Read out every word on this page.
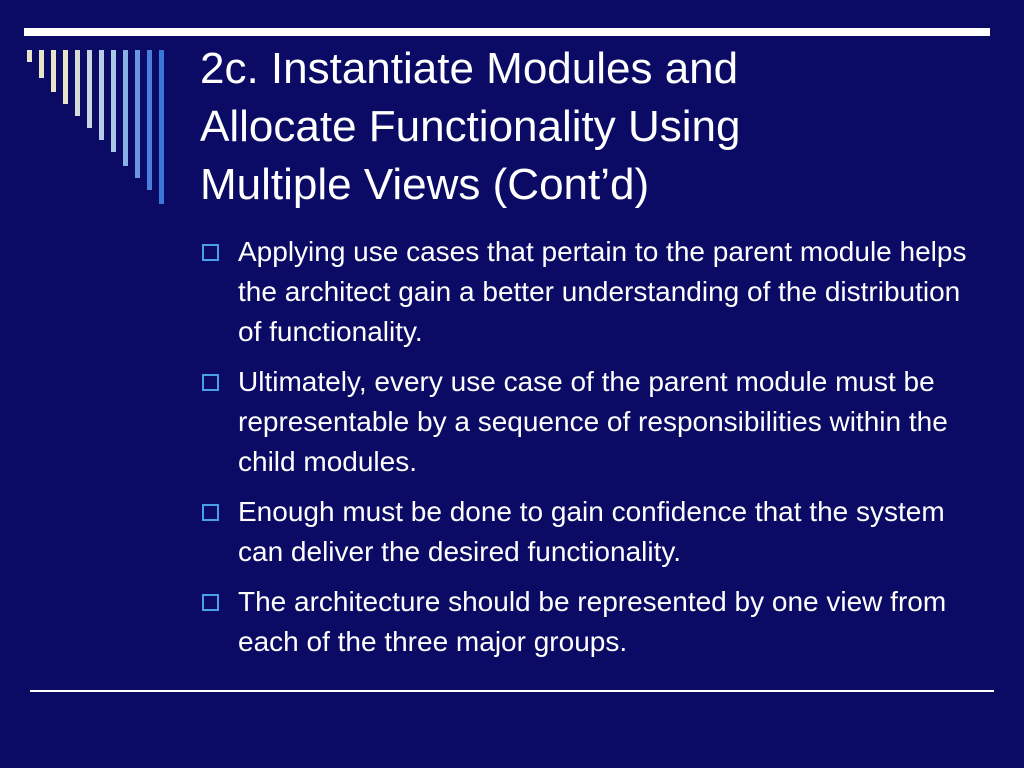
2c. Instantiate Modules and
Allocate Functionality Using
Multiple Views (Cont’d)
Applying use cases that pertain to the parent module helps the architect gain a better understanding of the distribution of functionality.
Ultimately, every use case of the parent module must be representable by a sequence of responsibilities within the child modules.
Enough must be done to gain confidence that the system can deliver the desired functionality.
The architecture should be represented by one view from each of the three major groups.
